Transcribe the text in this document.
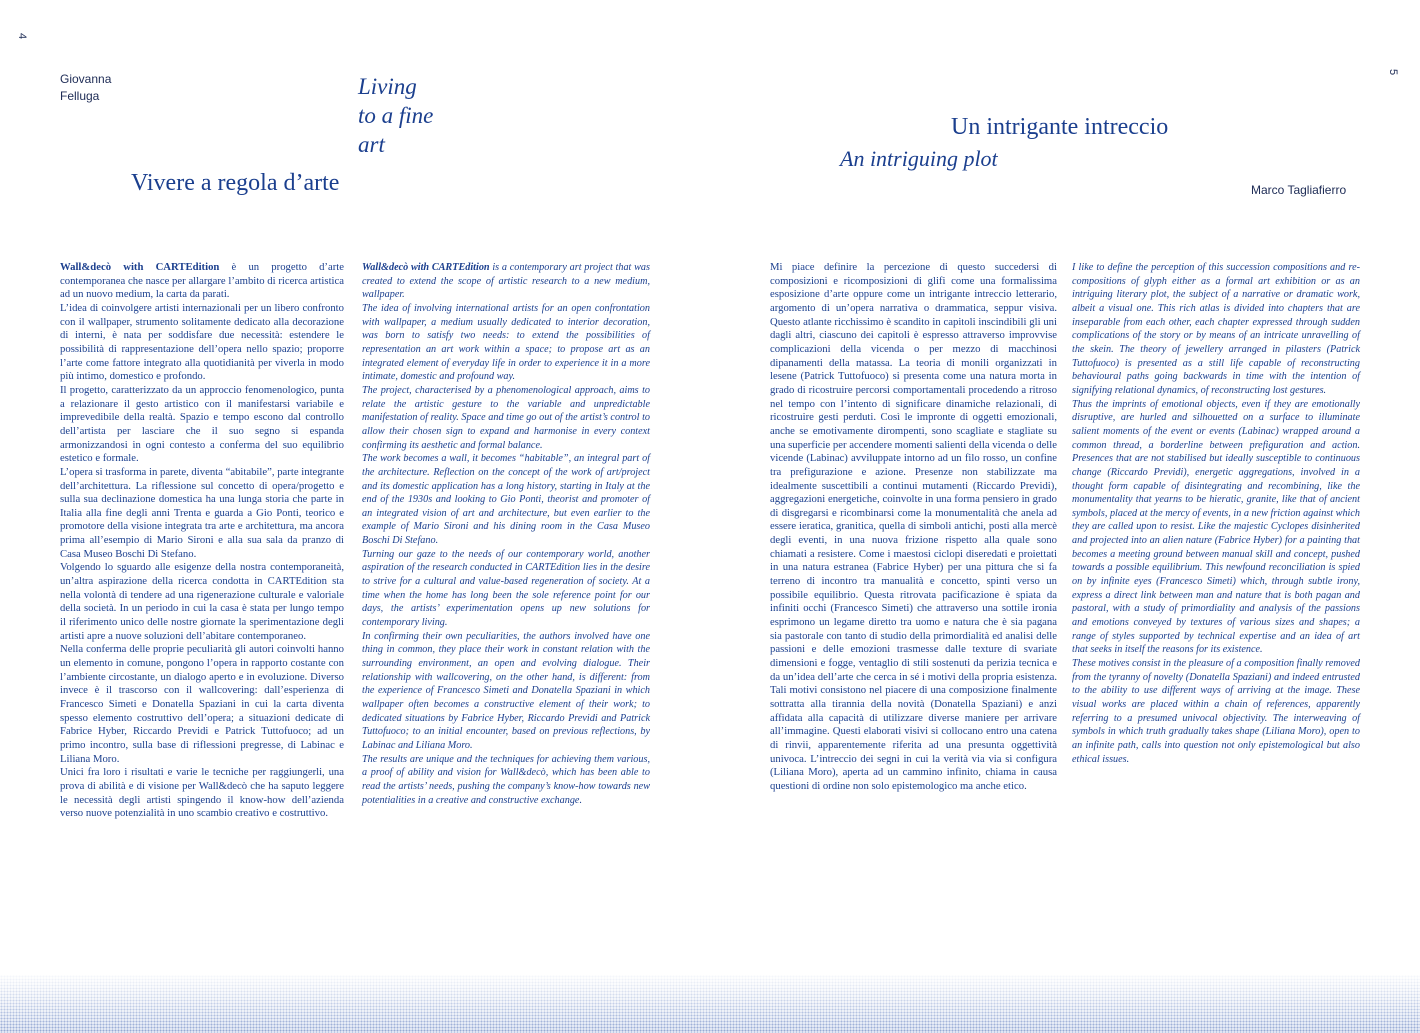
4
5
Giovanna Felluga
Vivere a regola d’arte
Living to a fine art
Un intrigante intreccio
An intriguing plot
Marco Tagliafierro

Wall&decò with CARTEdition è un progetto d’arte contemporanea che nasce per allargare l’ambito di ricerca artistica ad un nuovo medium, la carta da parati.

L’idea di coinvolgere artisti internazionali per un libero confronto con il wallpaper, strumento solitamente dedicato alla decorazione di interni, è nata per soddisfare due necessità: estendere le possibilità di rappresentazione dell’opera nello spazio; proporre l’arte come fattore integrato alla quotidianità per viverla in modo più intimo, domestico e profondo.

Il progetto, caratterizzato da un approccio fenomenologico, punta a relazionare il gesto artistico con il manifestarsi variabile e imprevedibile della realtà. Spazio e tempo escono dal controllo dell’artista per lasciare che il suo segno si espanda armonizzandosi in ogni contesto a conferma del suo equilibrio estetico e formale.

L’opera si trasforma in parete, diventa “abitabile”, parte integrante dell’architettura. La riflessione sul concetto di opera/progetto e sulla sua declinazione domestica ha una lunga storia che parte in Italia alla fine degli anni Trenta e guarda a Gio Ponti, teorico e promotore della visione integrata tra arte e architettura, ma ancora prima all’esempio di Mario Sironi e alla sua sala da pranzo di Casa Museo Boschi Di Stefano.

Volgendo lo sguardo alle esigenze della nostra contemporaneità, un’altra aspirazione della ricerca condotta in CARTEdition sta nella volontà di tendere ad una rigenerazione culturale e valoriale della società. In un periodo in cui la casa è stata per lungo tempo il riferimento unico delle nostre giornate la sperimentazione degli artisti apre a nuove soluzioni dell’abitare contemporaneo.

Nella conferma delle proprie peculiarità gli autori coinvolti hanno un elemento in comune, pongono l’opera in rapporto costante con l’ambiente circostante, un dialogo aperto e in evoluzione. Diverso invece è il trascorso con il wallcovering: dall’esperienza di Francesco Simeti e Donatella Spaziani in cui la carta diventa spesso elemento costruttivo dell’opera; a situazioni dedicate di Fabrice Hyber, Riccardo Previdi e Patrick Tuttofuoco; ad un primo incontro, sulla base di riflessioni pregresse, di Labinac e Liliana Moro.

Unici fra loro i risultati e varie le tecniche per raggiungerli, una prova di abilità e di visione per Wall&decò che ha saputo leggere le necessità degli artisti spingendo il know-how dell’azienda verso nuove potenzialità in uno scambio creativo e costruttivo.

Wall&decò with CARTEdition is a contemporary art project that was created to extend the scope of artistic research to a new medium, wallpaper.

The idea of involving international artists for an open confrontation with wallpaper, a medium usually dedicated to interior decoration, was born to satisfy two needs: to extend the possibilities of representation an art work within a space; to propose art as an integrated element of everyday life in order to experience it in a more intimate, domestic and profound way.

The project, characterised by a phenomenological approach, aims to relate the artistic gesture to the variable and unpredictable manifestation of reality. Space and time go out of the artist’s control to allow their chosen sign to expand and harmonise in every context confirming its aesthetic and formal balance.

The work becomes a wall, it becomes “habitable”, an integral part of the architecture. Reflection on the concept of the work of art/project and its domestic application has a long history, starting in Italy at the end of the 1930s and looking to Gio Ponti, theorist and promoter of an integrated vision of art and architecture, but even earlier to the example of Mario Sironi and his dining room in the Casa Museo Boschi Di Stefano.

Turning our gaze to the needs of our contemporary world, another aspiration of the research conducted in CARTEdition lies in the desire to strive for a cultural and value-based regeneration of society. At a time when the home has long been the sole reference point for our days, the artists’ experimentation opens up new solutions for contemporary living.

In confirming their own peculiarities, the authors involved have one thing in common, they place their work in constant relation with the surrounding environment, an open and evolving dialogue. Their relationship with wallcovering, on the other hand, is different: from the experience of Francesco Simeti and Donatella Spaziani in which wallpaper often becomes a constructive element of their work; to dedicated situations by Fabrice Hyber, Riccardo Previdi and Patrick Tuttofuoco; to an initial encounter, based on previous reflections, by Labinac and Liliana Moro.

The results are unique and the techniques for achieving them various, a proof of ability and vision for Wall&decò, which has been able to read the artists’ needs, pushing the company’s know-how towards new potentialities in a creative and constructive exchange.

Mi piace definire la percezione di questo succedersi di composizioni e ricomposizioni di glifi come una formalissima esposizione d’arte oppure come un intrigante intreccio letterario, argomento di un’opera narrativa o drammatica, seppur visiva. Questo atlante ricchissimo è scandito in capitoli inscindibili gli uni dagli altri, ciascuno dei capitoli è espresso attraverso improvvise complicazioni della vicenda o per mezzo di macchinosi dipanamenti della matassa. La teoria di monili organizzati in lesene (Patrick Tuttofuoco) si presenta come una natura morta in grado di ricostruire percorsi comportamentali procedendo a ritroso nel tempo con l’intento di significare dinamiche relazionali, di ricostruire gesti perduti. Così le impronte di oggetti emozionali, anche se emotivamente dirompenti, sono scagliate e stagliate su una superficie per accendere momenti salienti della vicenda o delle vicende (Labinac) avviluppate intorno ad un filo rosso, un confine tra prefigurazione e azione. Presenze non stabilizzate ma idealmente suscettibili a continui mutamenti (Riccardo Previdi), aggregazioni energetiche, coinvolte in una forma pensiero in grado di disgregarsi e ricombinarsi come la monumentalità che anela ad essere ieratica, granitica, quella di simboli antichi, posti alla mercè degli eventi, in una nuova frizione rispetto alla quale sono chiamati a resistere. Come i maestosi ciclopi diseredati e proiettati in una natura estranea (Fabrice Hyber) per una pittura che si fa terreno di incontro tra manualità e concetto, spinti verso un possibile equilibrio. Questa ritrovata pacificazione è spiata da infiniti occhi (Francesco Simeti) che attraverso una sottile ironia esprimono un legame diretto tra uomo e natura che è sia pagana sia pastorale con tanto di studio della primordialità ed analisi delle passioni e delle emozioni trasmesse dalle texture di svariate dimensioni e fogge, ventaglio di stili sostenuti da perizia tecnica e da un’idea dell’arte che cerca in sé i motivi della propria esistenza. Tali motivi consistono nel piacere di una composizione finalmente sottratta alla tirannia della novità (Donatella Spaziani) e anzi affidata alla capacità di utilizzare diverse maniere per arrivare all’immagine. Questi elaborati visivi si collocano entro una catena di rinvii, apparentemente riferita ad una presunta oggettività univoca. L’intreccio dei segni in cui la verità via via si configura (Liliana Moro), aperta ad un cammino infinito, chiama in causa questioni di ordine non solo epistemologico ma anche etico.

I like to define the perception of this succession compositions and re-compositions of glyph either as a formal art exhibition or as an intriguing literary plot, the subject of a narrative or dramatic work, albeit a visual one. This rich atlas is divided into chapters that are inseparable from each other, each chapter expressed through sudden complications of the story or by means of an intricate unravelling of the skein. The theory of jewellery arranged in pilasters (Patrick Tuttofuoco) is presented as a still life capable of reconstructing behavioural paths going backwards in time with the intention of signifying relational dynamics, of reconstructing lost gestures.

Thus the imprints of emotional objects, even if they are emotionally disruptive, are hurled and silhouetted on a surface to illuminate salient moments of the event or events (Labinac) wrapped around a common thread, a borderline between prefiguration and action. Presences that are not stabilised but ideally susceptible to continuous change (Riccardo Previdi), energetic aggregations, involved in a thought form capable of disintegrating and recombining, like the monumentality that yearns to be hieratic, granite, like that of ancient symbols, placed at the mercy of events, in a new friction against which they are called upon to resist. Like the majestic Cyclopes disinherited and projected into an alien nature (Fabrice Hyber) for a painting that becomes a meeting ground between manual skill and concept, pushed towards a possible equilibrium. This newfound reconciliation is spied on by infinite eyes (Francesco Simeti) which, through subtle irony, express a direct link between man and nature that is both pagan and pastoral, with a study of primordiality and analysis of the passions and emotions conveyed by textures of various sizes and shapes; a range of styles supported by technical expertise and an idea of art that seeks in itself the reasons for its existence.

These motives consist in the pleasure of a composition finally removed from the tyranny of novelty (Donatella Spaziani) and indeed entrusted to the ability to use different ways of arriving at the image. These visual works are placed within a chain of references, apparently referring to a presumed univocal objectivity. The interweaving of symbols in which truth gradually takes shape (Liliana Moro), open to an infinite path, calls into question not only epistemological but also ethical issues.
